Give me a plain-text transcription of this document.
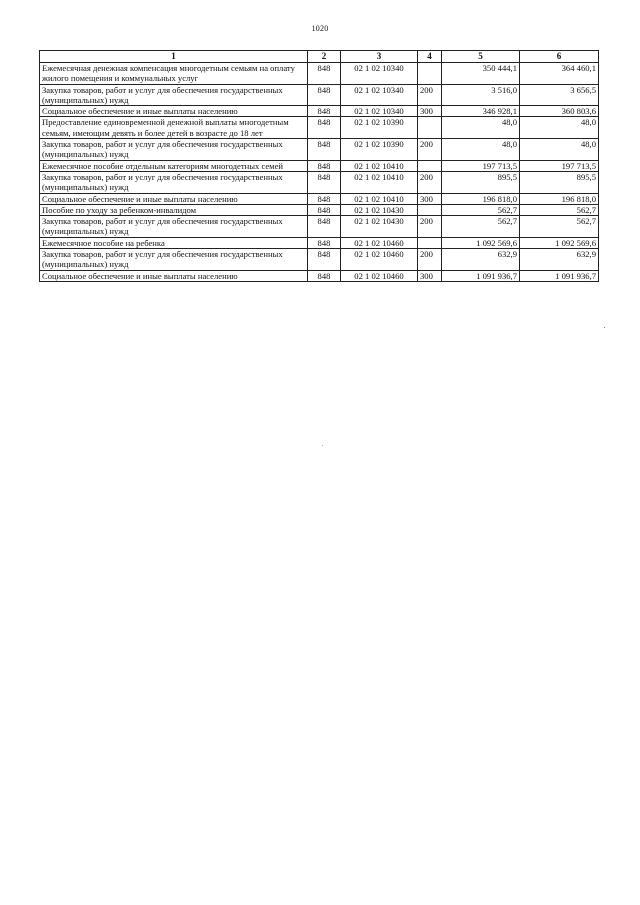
1020
1	2	3	4	5	6
Ежемесячная денежная компенсация многодетным семьям на оплату жилого помещения и коммунальных услуг	848	02 1 02 10340		350 444,1	364 460,1
Закупка товаров, работ и услуг для обеспечения государственных (муниципальных) нужд	848	02 1 02 10340	200	3 516,0	3 656,5
Социальное обеспечение и иные выплаты населению	848	02 1 02 10340	300	346 928,1	360 803,6
Предоставление единовременной денежной выплаты многодетным семьям, имеющим девять и более детей в возрасте до 18 лет	848	02 1 02 10390		48,0	48,0
Закупка товаров, работ и услуг для обеспечения государственных (муниципальных) нужд	848	02 1 02 10390	200	48,0	48,0
Ежемесячное пособие отдельным категориям многодетных семей	848	02 1 02 10410		197 713,5	197 713,5
Закупка товаров, работ и услуг для обеспечения государственных (муниципальных) нужд	848	02 1 02 10410	200	895,5	895,5
Социальное обеспечение и иные выплаты населению	848	02 1 02 10410	300	196 818,0	196 818,0
Пособие по уходу за ребенком-инвалидом	848	02 1 02 10430		562,7	562,7
Закупка товаров, работ и услуг для обеспечения государственных (муниципальных) нужд	848	02 1 02 10430	200	562,7	562,7
Ежемесячное пособие на ребенка	848	02 1 02 10460		1 092 569,6	1 092 569,6
Закупка товаров, работ и услуг для обеспечения государственных (муниципальных) нужд	848	02 1 02 10460	200	632,9	632,9
Социальное обеспечение и иные выплаты населению	848	02 1 02 10460	300	1 091 936,7	1 091 936,7
